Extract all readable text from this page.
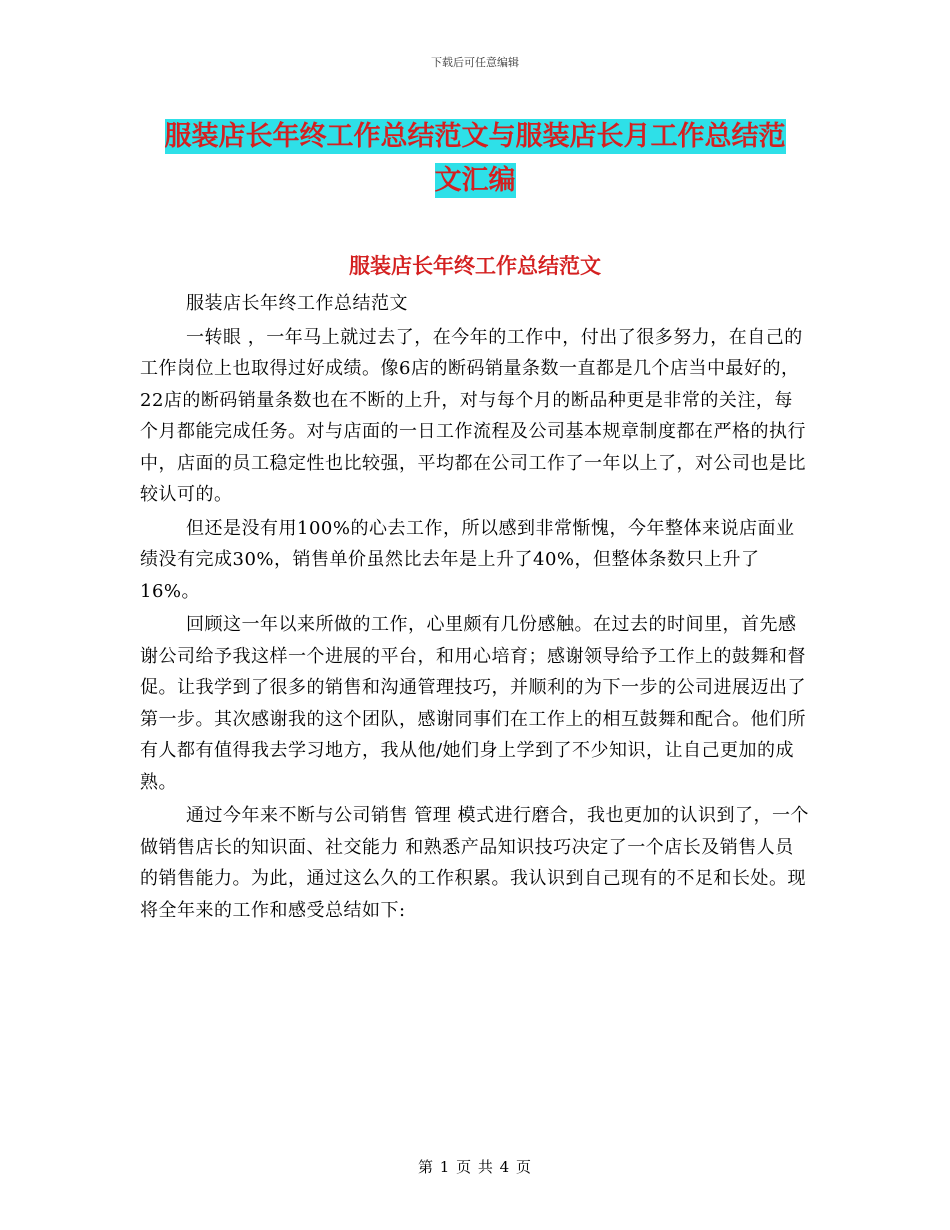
下载后可任意编辑
服装店长年终工作总结范文与服装店长月工作总结范
文汇编
服装店长年终工作总结范文

服装店长年终工作总结范文

一转眼 ，一年马上就过去了，在今年的工作中，付出了很多努力，在自己的工作岗位上也取得过好成绩。像6店的断码销量条数一直都是几个店当中最好的，22店的断码销量条数也在不断的上升，对与每个月的断品种更是非常的关注，每个月都能完成任务。对与店面的一日工作流程及公司基本规章制度都在严格的执行中，店面的员工稳定性也比较强，平均都在公司工作了一年以上了，对公司也是比较认可的。

但还是没有用100%的心去工作，所以感到非常惭愧，今年整体来说店面业绩没有完成30%，销售单价虽然比去年是上升了40%，但整体条数只上升了16%。

回顾这一年以来所做的工作，心里颇有几份感触。在过去的时间里，首先感谢公司给予我这样一个进展的平台，和用心培育；感谢领导给予工作上的鼓舞和督促。让我学到了很多的销售和沟通管理技巧，并顺利的为下一步的公司进展迈出了第一步。其次感谢我的这个团队，感谢同事们在工作上的相互鼓舞和配合。他们所有人都有值得我去学习地方，我从他/她们身上学到了不少知识，让自己更加的成熟。

通过今年来不断与公司销售 管理 模式进行磨合，我也更加的认识到了，一个做销售店长的知识面、社交能力 和熟悉产品知识技巧决定了一个店长及销售人员的销售能力。为此，通过这么久的工作积累。我认识到自己现有的不足和长处。现将全年来的工作和感受总结如下:

第 1 页 共 4 页
